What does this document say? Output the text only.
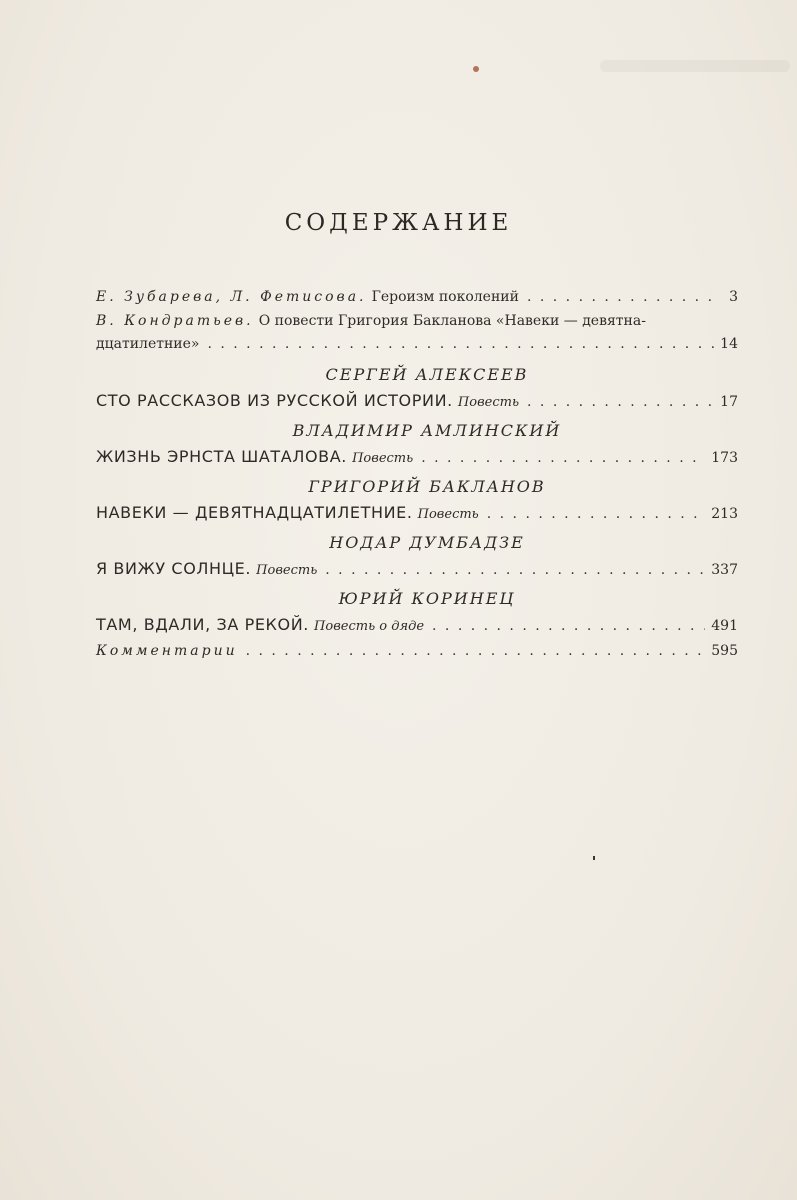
СОДЕРЖАНИЕ
Е. Зубарева, Л. Фетисова. Героизм поколений . . .	3
В. Кондратьев. О повести Григория Бакланова «Навеки — девятна-
дцатилетние» . . .	14
СЕРГЕЙ АЛЕКСЕЕВ
СТО РАССКАЗОВ ИЗ РУССКОЙ ИСТОРИИ. Повесть . . .	17
ВЛАДИМИР АМЛИНСКИЙ
ЖИЗНЬ ЭРНСТА ШАТАЛОВА. Повесть . . .	173
ГРИГОРИЙ БАКЛАНОВ
НАВЕКИ — ДЕВЯТНАДЦАТИЛЕТНИЕ. Повесть . . .	213
НОДАР ДУМБАДЗЕ
Я ВИЖУ СОЛНЦЕ. Повесть . . .	337
ЮРИЙ КОРИНЕЦ
ТАМ, ВДАЛИ, ЗА РЕКОЙ. Повесть о дяде . . .	491
Комментарии . . .	595
